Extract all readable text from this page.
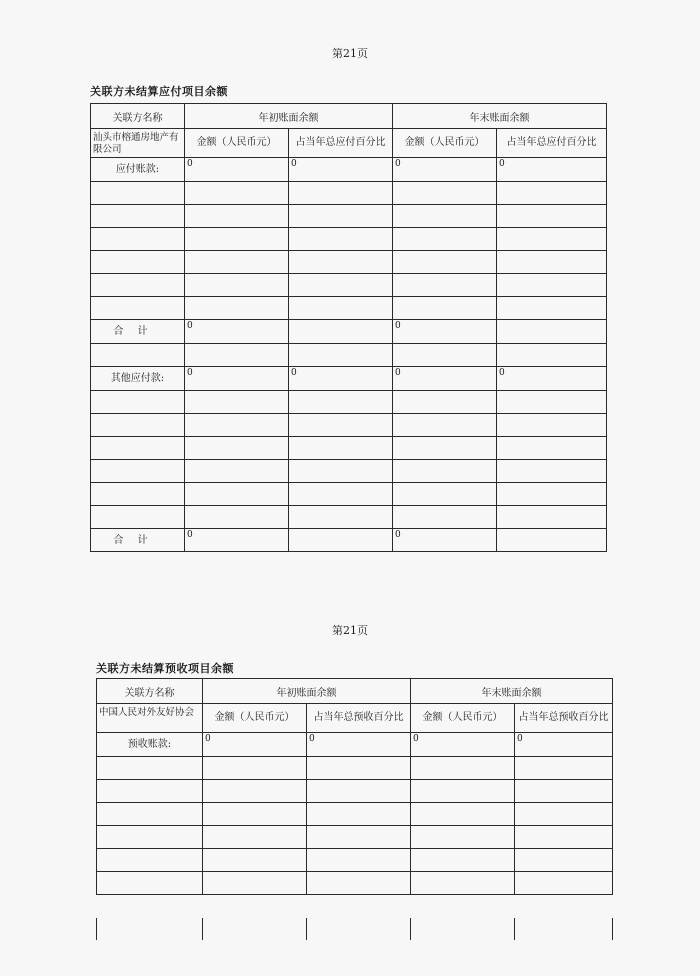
第21页
关联方未结算应付项目余额
关联方名称	年初账面余额		年末账面余额	
汕头市榕通房地产有限公司	金额（人民币元）	占当年总应付百分比	金额（人民币元）	占当年总应付百分比
应付账款:	0	0	0	0

合计	0		0	

其他应付款:	0	0	0	0

合计	0		0	
第21页
关联方未结算预收项目余额
关联方名称	年初账面余额		年末账面余额	
中国人民对外友好协会	金额（人民币元）	占当年总预收百分比	金额（人民币元）	占当年总预收百分比
预收账款:	0	0	0	0
